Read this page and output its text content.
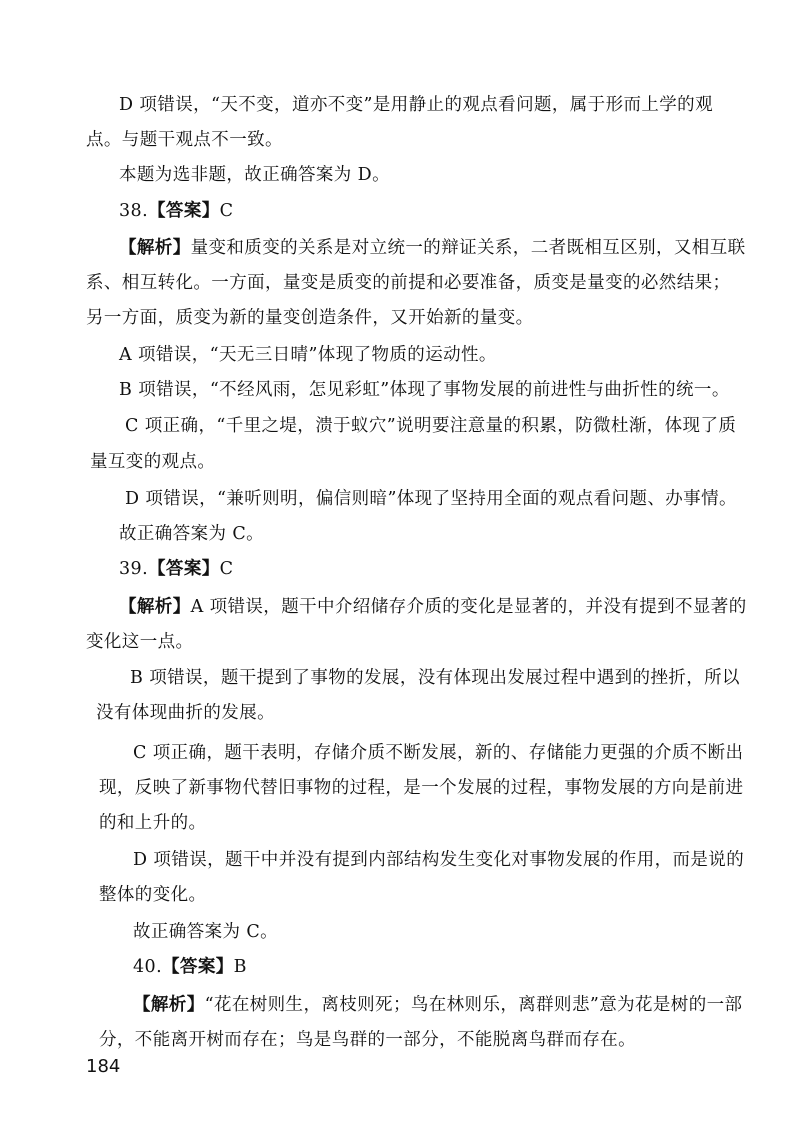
D 项错误，“天不变，道亦不变”是用静止的观点看问题，属于形而上学的观
点。与题干观点不一致。
本题为选非题，故正确答案为 D。
38.【答案】C
【解析】量变和质变的关系是对立统一的辩证关系，二者既相互区别，又相互联
系、相互转化。一方面，量变是质变的前提和必要准备，质变是量变的必然结果；
另一方面，质变为新的量变创造条件，又开始新的量变。
A 项错误，“天无三日晴”体现了物质的运动性。
B 项错误，“不经风雨，怎见彩虹”体现了事物发展的前进性与曲折性的统一。
C 项正确，“千里之堤，溃于蚁穴”说明要注意量的积累，防微杜渐，体现了质
量互变的观点。
D 项错误，“兼听则明，偏信则暗”体现了坚持用全面的观点看问题、办事情。
故正确答案为 C。
39.【答案】C
【解析】A 项错误，题干中介绍储存介质的变化是显著的，并没有提到不显著的
变化这一点。
B 项错误，题干提到了事物的发展，没有体现出发展过程中遇到的挫折，所以
没有体现曲折的发展。
C 项正确，题干表明，存储介质不断发展，新的、存储能力更强的介质不断出
现，反映了新事物代替旧事物的过程，是一个发展的过程，事物发展的方向是前进
的和上升的。
D 项错误，题干中并没有提到内部结构发生变化对事物发展的作用，而是说的
整体的变化。
故正确答案为 C。
40.【答案】B
【解析】“花在树则生，离枝则死；鸟在林则乐，离群则悲”意为花是树的一部
分，不能离开树而存在；鸟是鸟群的一部分，不能脱离鸟群而存在。
184
